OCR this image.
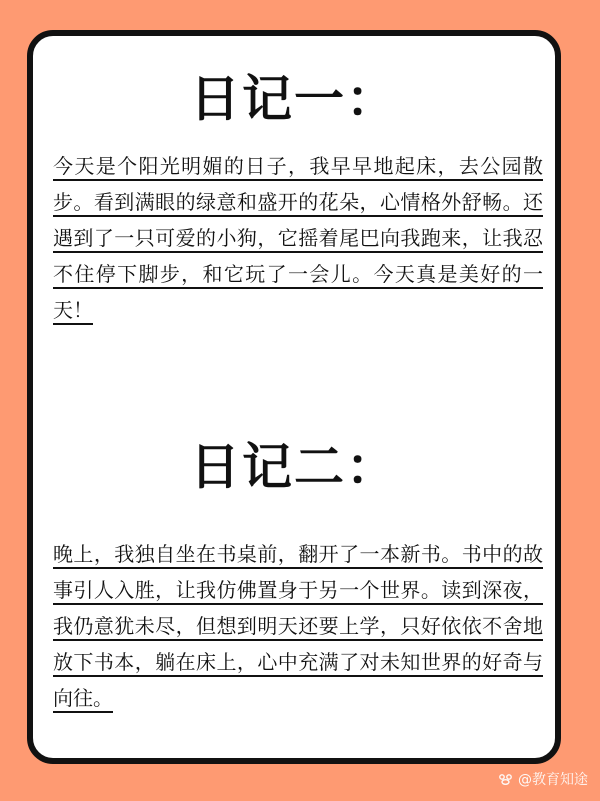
日记一：

今天是个阳光明媚的日子，我早早地起床，去公园散步。看到满眼的绿意和盛开的花朵，心情格外舒畅。还遇到了一只可爱的小狗，它摇着尾巴向我跑来，让我忍不住停下脚步，和它玩了一会儿。今天真是美好的一天！

日记二：

晚上，我独自坐在书桌前，翻开了一本新书。书中的故事引人入胜，让我仿佛置身于另一个世界。读到深夜，我仍意犹未尽，但想到明天还要上学，只好依依不舍地放下书本，躺在床上，心中充满了对未知世界的好奇与向往。

@教育知途
